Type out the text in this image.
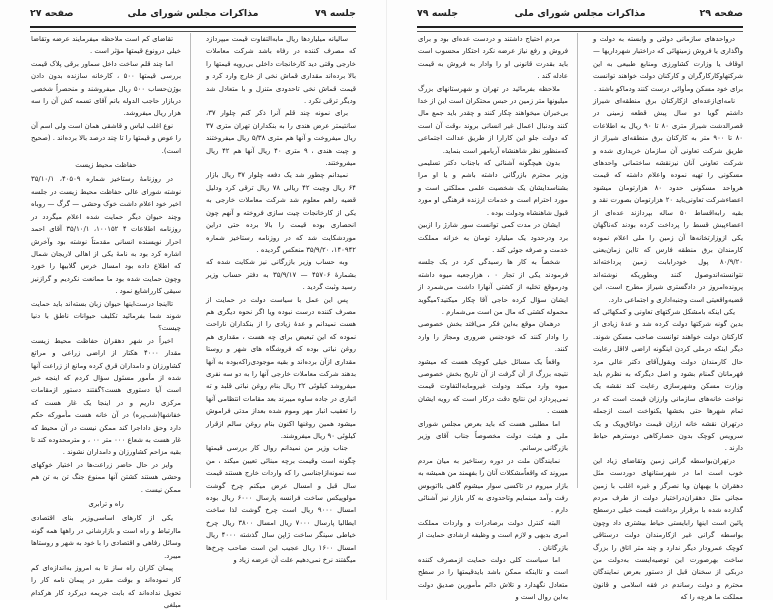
جلسه ۷۹
مذاکرات مجلس شورای ملی
صفحه ۲۷

سالیانه میلیاردها ریال مابه‌التفاوت قیمت میپردازد که مصرف کننده در رفاه باشد شرکت معاملات خارجی وقتی دید کارخانجات داخلی بی‌رویه قیمتها را بالا برده‌اند مقداری قماش نخی از خارج وارد کرد و قیمت قماش نخی تاحدودی متنزل و با متعادل شد ودیگر ترقی نکرد .

برای نمونه چند قلم آنرا ذکر کنم چلوار ۳۷، سانتیمتر عرض هندی را به بنکداران تهران متری ۳۷ ریال میفروخت و آنها هم متری ۵/۳۸ ریال میفروختند و چیت هندی ، ۹ متری ۴۰ ریال آنها هم ۴۲ ریال میفروختند.

نمیدانم چطور شد یک دفعه چلوار ۳۷ ریال بازار ۶۴ ریال وچیت ۴۲ ریالی ۷۸ ریال ترقی کرد ودلیل قضیه راهم معلوم شد شرکت معاملات خارجی به یکی از کارخانجات چیت سازی فروخته و آنهم چون انحصاری بوده قیمت را بالا برده حتی دراین موردشکایت شد که در روزنامه رستاخیز شماره ۱۴۰۹۴۲، ۳۵/۹/۲۰ منعکس گردیده .

وبه حساب وزیر بازرگانی نیز شکایت شده که بشمارهٔ ۴۵۷۰۶ — ۳۵/۹/۱۷ به دفتر حساب وزیر رسید وثبت گردید .

پس این عمل با سیاست دولت در حمایت از مصرف کننده درست نبوده ویا اگر نحوه دیگری هم هست نمیدانم و عدهٔ زیادی را از بنکداران ناراحت نموده که این تبعیض برای چه هست ، مقداری هم روغن نباتی بوده که فروشگاه های شهر و روستا مقداری ازآن برده‌اند و بقیه موجودی‌راکه‌بوده به آنها بدهند شرکت معاملات خارجی آنها را به دو سه نفری میفروشد کیلوئی ۲۲ ریال بنام روغن نباتی قلبد و ته انباری در جاده ساوه میبرند بعد مقامات انتظامی آنها را تعقیب انبار مهر وموم شده بعداز مدتی فراموش میشود همین روغنها اکنون بنام روغن سالم ازقرار کیلوئی ۹۰ ریال میفروشند.

جناب وزیر من نمیدانم روال کار بررسی قیمتها چگونه است وقیمت برچه مبنائی تعیین میکند ، من سه نمونه‌ازاجناسی را که واردات خارج هستند قیمت سال قبل و امسال عرض میکنم چرخ گوشت مولوپیکس ساخت فرانسه پارسال ۶۰۰۰ ریال بوده امسال ۹۰۰۰ ریال است چرخ گوشت لذا ساخت ایطالیا پارسال ۷۰۰۰ ریال امسال ۳۸۰۰ ریال چرخ خیاطی سینگر ساخت ژاپن سال گذشته ۴۰۰۰ ریال امسال ۱۶۰۰ ریال عجیب این است صاحب چرخ‌ها میگفتند نرخ نمی‌دهیم علت آن عرضه زیاد و

تقاضای کم است ملاحظه میفرمایند عرضه وتقاضا خیلی درونوع قیمتها مؤثر است .

اما چند قلم ساخت داخل سماور برقی پلاک قیمت بررسی قیمتها ۵۰۰ ، کارخانه سازنده بدون دادن بوژن‌حساب ۵۰۰ ریال میفروشند و منحصراً شخصی دربازار حاجب الدوله بانم آقای تسمه کش آن را سه هزار ریال میفروشد.

نوع اغلب لباس و قاشقی همان است ولی اسم آن را عوض و قیمتها را تا چند درصد بالا برده‌اند . (صحیح است).

حفاظت محیط زیست

در روزنامهٔ رستاخیز شماره ۴۰۵۰۹، ۳۵/۱۰/۱ نوشته شورای عالی حفاظت محیط زیست در جلسه اخیر خود اعلام داشت خوک وحشی — گرگ — روباه وچند حیوان دیگر حمایت شده اعلام میگردد در روزنامه اطلاعات ۴ ۱۰۰۱۵۲، ۳۵/۱۰/۱ آقای احمد احرار نویسنده انسانی مقدمتاً نوشته بود وآخرش اشاره کرد بود به نامهٔ یکی از اهالی لاریجان شمال که اطلاع داده بود امسال خرس گلابیها را خورد وچون حمایت شده بود ما ممانعت نکردیم و گرازنیز سیقی کارراشایع نمود .

تااینجا درست‌اینها حیوان زبان بسته‌اند باید حمایت شوند شما بفرمائید تکلیف حیوانات ناطق با دنیا چیست؟

اخیراً در شهر دهقران حفاظت محیط زیست مقدار ۴۰۰۰ هکتار از اراضی زراعی و مراتع کشاورزان و دامداران قرق کرده ومانع از زراعت آنها شده از مأمور مسئول سؤال کردم که اینجه خبر است آیا دستوری هست؟گفتند دستور ازمقامات مرکزی داریم و در اینجا یک غار هست که خفاشها(شب‌پره) در آن خانه هست مأمورکه حکم دارد وحق داداجرا کند ممکن نیست در آن محیط که غار هست به شعاع ۰۰۰ متر ۰۰ ، و مترمحدوده کند تا بقیه مزاحم کشاورزان و دامداران نشوند .

وایز در حال حاضر زراعت‌ها در اختیار خوکهای وحشی هستند کشتن آنها ممنوع جنگ تن به تن هم ممکن نیست .

راه و ترابری

یکی از کارهای اساسی‌وزیر بنای اقتصادی ماارتباط و راه است و بازارشانی در راهها همه گونه وسائل رفاهی و اقتصادی را با خود به شهر و روستاها میبرد.

پیمان کاران راه ساز تا به امروز به‌اندازه‌ای کم کار نموده‌اند و بوقت مقرر در پیمان نامه کار را تحویل نداده‌اند که بابت جریمه دیرکرد کار هرکدام مبلغی

صفحه ۲۹
مذاکرات مجلس شورای ملی
جلسه ۷۹

درواحدهای سازمانی دولتی و وابسته به دولت و واگذاری یا فروش زمینهائی که دراختیار شهرداریها — اوقاف یا وزارت کشاورزی ومنابع طبیعی به این شرکتهاوکارکارگران و کارکنان دولت خواهند توانست برای خود مسکن ومأوائی درست کنند ودماکو باشند .

نامه‌ای‌ازعده‌ای ازکارکنان برق منطقه‌ای شیراز داشتم گویا دو سال پیش قطعه زمینی در قصرالدشت شیراز متری ۸۰ تا ۹۰ ریال به اطلاعات ۸۰ تا ۹۰۰ متر به کارکنان برق منطقه‌ای شیراز از طریق شرکت تعاونی آن سازمان خریداری شده و شرکت تعاونی آنان نیزنقشه ساختمانی واحدهای مسکونی را تهیه نموده واعلام داشته که قیمت هرواحد مسکونی حدود ۸۰ هزارتومان میشود اعضاءشرکت تعاونی‌باید ۲۰ هزارتومان بصورت نقد و بقیه رابه‌اقساط ۵۰ ساله بپردازند عده‌ای از اعضاءپیش قسط را پرداخت کرده بودند که‌ناگهان یکی ازوزارتخانه‌ها آن زمین را ملی اعلام نموده کارمندان برق منطقه فارس که تااین زمان‌یعنی ۸۰/۹/۲۰ پول خودرابابت زمین پرداخته‌اند نتوانسته‌اندوصول کنند وبطوریکه نوشته‌اند پرونده‌امروز در دادگستری شیراز مطرح است، این قضیه‌واقعیتی است وجنبه‌اداری و اجتماعی دارد.

یکی اینکه بامشکل شرکتهای تعاونی و کمکهائی که بدین گونه شرکتها دولت کرده شد و عدهٔ زیادی از کارکنان دولت خواهند توانست صاحب مسکن شوند. دیگر اینکه درملی کردن اینگونه اراضی لااقل رعایت حال کارمندان دولت ویقول‌آقای دکتر عالی مرد فهرمانان گمنام بشود و اصل دیگرکه به نظرم باید وزارت مسکن وشهرسازی رعایت کند نقشه یک نواخت خانه‌های سازمانی وارزان قیمت است که در تمام شهرها حتی بخشها یکنواخت است ازجمله درتهران نقشه خانه ارزان قیمت دواتاق‌ویک و یک سرویس کوچک بدون حصارکاهی دوسترهم حیاط دارند .

درتهران‌بواسطه گرانی زمین وتقاضای زیاد این خوب است اما در شهرستانهای دوردست مثل دهقران با بهبهان ویا نصرگز و غیره اغلب با زمین مجانی مثل دهقران‌دراختیار دولت از طرف مردم گذارده شده با برقرار برداشت قیمت خیلی درسطح پائین است اینها رابایستی حیاط بیشتری داد وچون بواسطه گرانی غیر ازکارمندان دولت درستاقی کوچک عمرودار دیگر ندارد و چند متر اتاق را بزرگ ساخت بهرصورت این توصیه‌ایست به‌دولت من دربکی از سخنان قبل از دستور بعرض نمایندگان محترم و دولت رساندم در فقه اسلامی و قانون مملکت ما هرچه را که

مردم احتیاج داشتند و دردست عده‌ای بود و برای فروش و رفع نیاز عرضه نکرد احتکار محسوب است باید بقدرت قانونی او را وادار به فروش به قیمت عادله کند .

ملاحظه بفرمائید در تهران و شهرستانهای بزرگ میلیونها متر زمین در حبس محتکران است این از خدا بی‌خبران میخواهند چکار کنند و چقدر باید جمع مال کنند ودنبال اعمال غیر انسانی بروند ،وقت آن است که دولت جلو این کارارا از طریق عدالت اجتماعی که‌منظور نظر شاهنشاه آریامهر است بنماید.

بدون هیچگونه آشنائی که باجناب دکتر تسلیمی وزیر محترم بازرگانی داشته باشم و یا او مرا بشناسدایشان یک شخصیت علمی مملکتی است و مورد احترام است و خدمات ارزنده فرهنگی او مورد قبول شاهنشاه ودولت بوده .

ایشان در مدت کمی توانست سور شارژ را ازبین برد ودرحدود یک میلیارد تومان به خزانه مملکت خدمت و صرفه جوئی کند .

شخصاً به کار ها رسیدگی کرد در یک جلسه فرمودند یکی از تجار ۰ ، هزارجعبه میوه داشته ودرموقع تخلیه از کشتی آنهارا داشت می‌شمرد از ایشان سؤال کرده حاجی آقا چکار میکنید؟میگوید محموله کشتی که مال من است می‌شمارم .

درهمان موقع به‌این فکر می‌افتد بخش خصوصی را وادار کنند که خودجنس ضروری ومجاز را وارد کنند.

واقعاً یک مسائل خیلی کوچک هست که میشود نتیجه بزرگ از آن گرفت از آن تاریخ بخش خصوصی میوه وارد میکند ودولت غیرومابه‌التفاوت قیمت نمی‌پردازد این نتایج دقت درکار است که رویه ایشان هست .

اما مطلبی هست که باید بعرض مجلس شورای ملی و هیئت دولت مخصوصاً جناب آقای وزیر بازرگانی برسانم.

نمایندگان ملت در دوره رستاخیز به میان مردم میروند که واقعاًمشکلات آنان را بفهمند من همیشه به بازار میروم در تاکسی سوار میشوم گاهی بااتوبوس رفت وآمد مینمایم وتاحدودی به کار بازار نیز آشنائی دارم .

البته کنترل دولت برصادرات و واردات مملکت امری بدیهی و لازم است و وظیفه ارشادی حمایت از بازرگانان .

اما سیاست کلی دولت حمایت ازمصرف کننده است و تااینکه ممکن باشد بایدقیمتها را در سطح متعادل نگهدارد و تلاش دائم مأمورین صدیق دولت به‌این روال است و
